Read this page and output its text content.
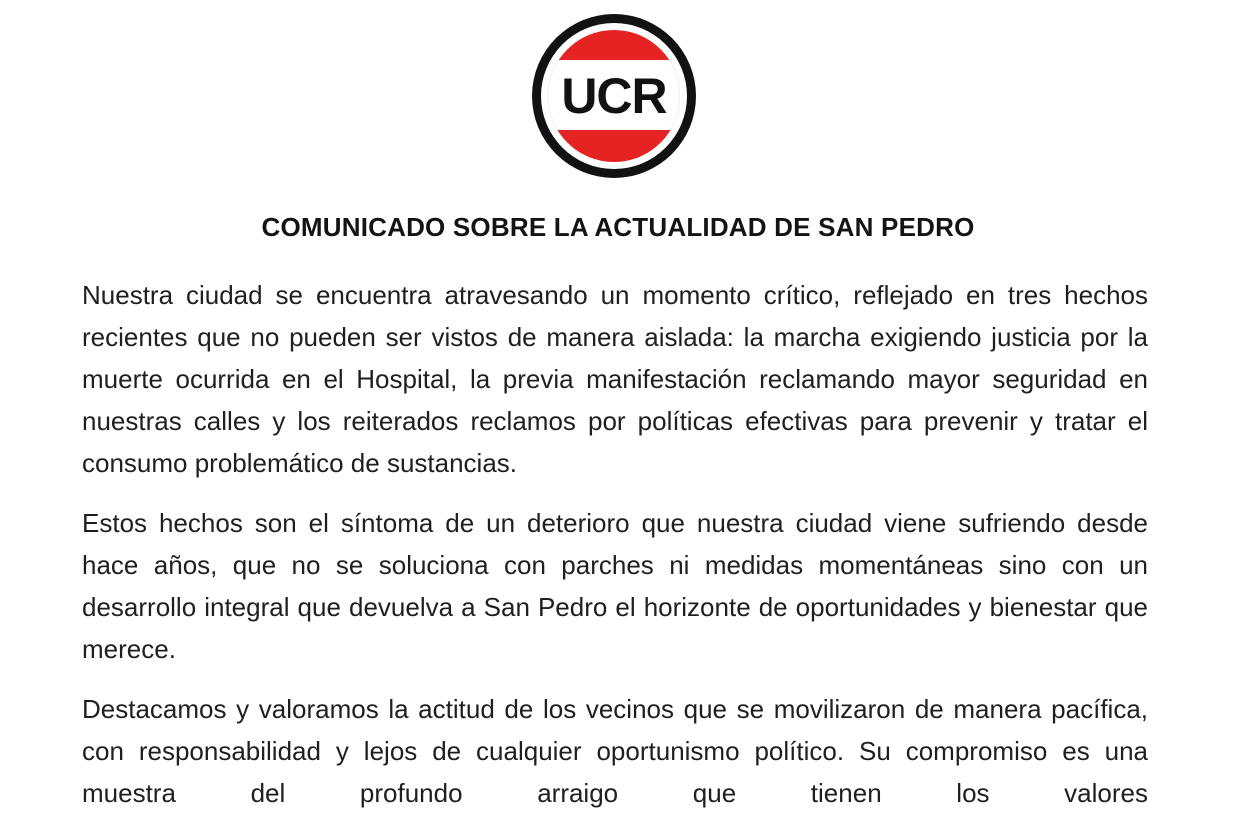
UCR
COMUNICADO SOBRE LA ACTUALIDAD DE SAN PEDRO

Nuestra ciudad se encuentra atravesando un momento crítico, reflejado en tres hechos recientes que no pueden ser vistos de manera aislada: la marcha exigiendo justicia por la muerte ocurrida en el Hospital, la previa manifestación reclamando mayor seguridad en nuestras calles y los reiterados reclamos por políticas efectivas para prevenir y tratar el consumo problemático de sustancias.

Estos hechos son el síntoma de un deterioro que nuestra ciudad viene sufriendo desde hace años, que no se soluciona con parches ni medidas momentáneas sino con un desarrollo integral que devuelva a San Pedro el horizonte de oportunidades y bienestar que merece.

Destacamos y valoramos la actitud de los vecinos que se movilizaron de manera pacífica, con responsabilidad y lejos de cualquier oportunismo político. Su compromiso es una muestra del profundo arraigo que tienen los valores
